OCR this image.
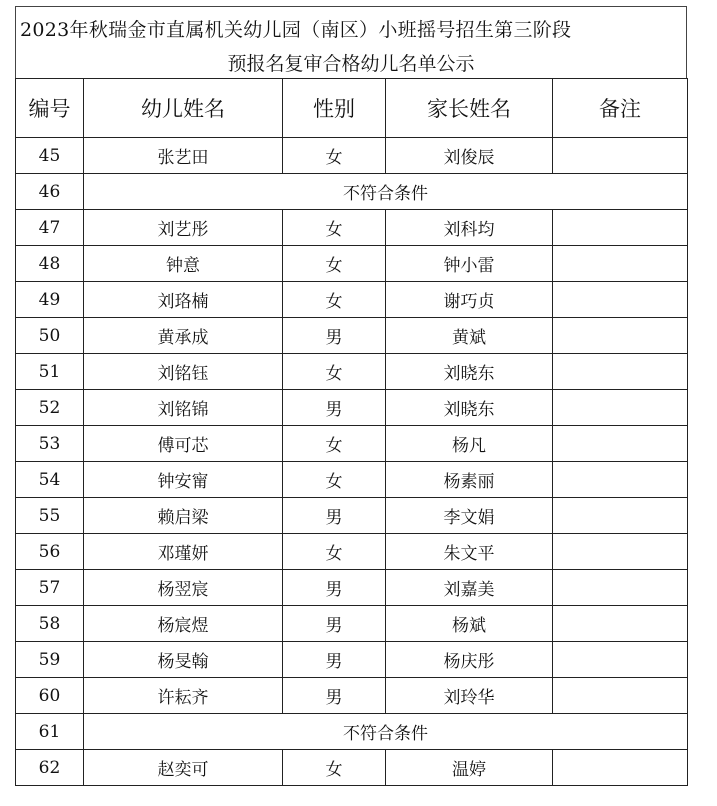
2023年秋瑞金市直属机关幼儿园（南区）小班摇号招生第三阶段
预报名复审合格幼儿名单公示
编号	幼儿姓名	性别	家长姓名	备注
45	张艺田	女	刘俊辰	
46	不符合条件			
47	刘艺彤	女	刘科均	
48	钟意	女	钟小雷	
49	刘珞楠	女	谢巧贞	
50	黄承成	男	黄斌	
51	刘铭钰	女	刘晓东	
52	刘铭锦	男	刘晓东	
53	傅可芯	女	杨凡	
54	钟安甯	女	杨素丽	
55	赖启梁	男	李文娟	
56	邓瑾妍	女	朱文平	
57	杨翌宸	男	刘嘉美	
58	杨宸煜	男	杨斌	
59	杨旻翰	男	杨庆彤	
60	许耘齐	男	刘玲华	
61	不符合条件			
62	赵奕可	女	温婷	
